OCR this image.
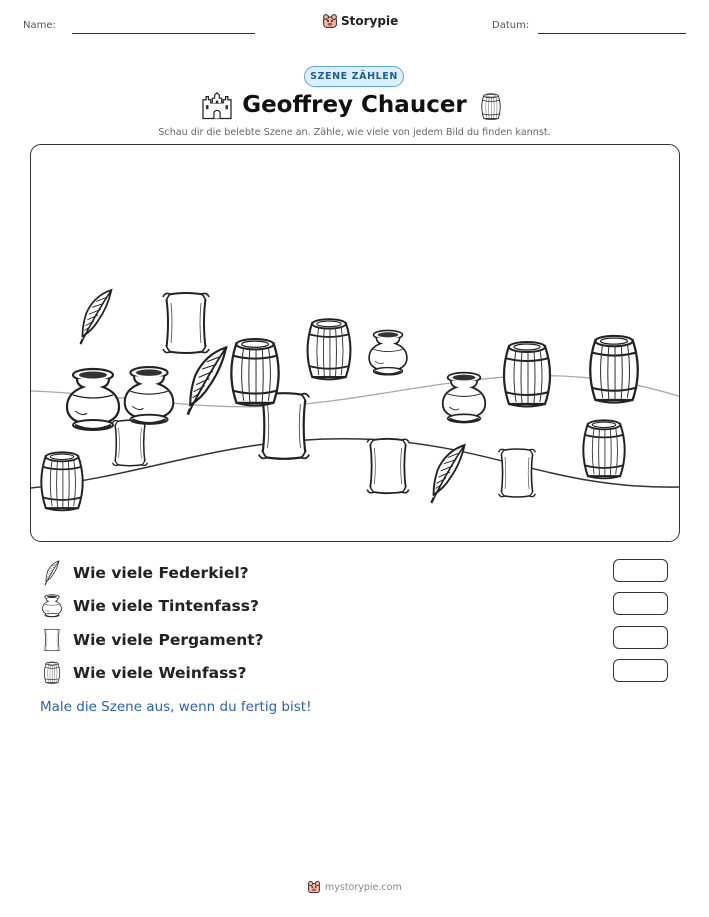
Name:	Storypie	Datum:
SZENE ZÄHLEN
Geoffrey Chaucer
Schau dir die belebte Szene an. Zähle, wie viele von jedem Bild du finden kannst.
Wie viele Federkiel?
Wie viele Tintenfass?
Wie viele Pergament?
Wie viele Weinfass?
Male die Szene aus, wenn du fertig bist!
mystorypie.com
